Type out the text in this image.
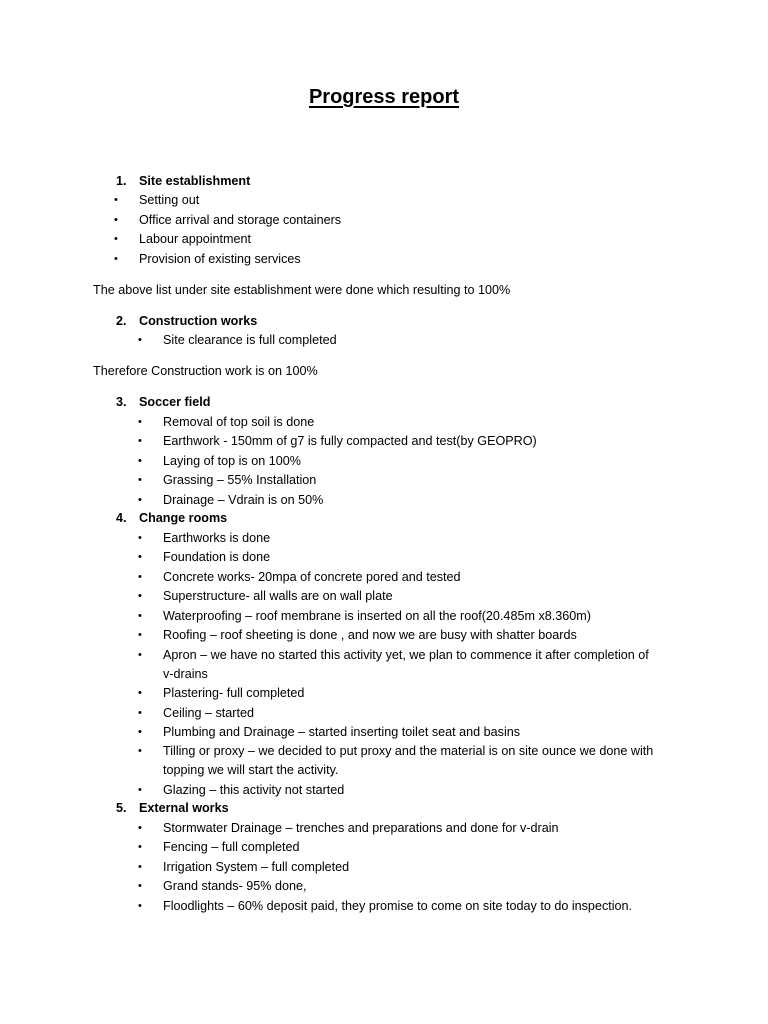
Progress report
1. Site establishment
• Setting out
• Office arrival and storage containers
• Labour appointment
• Provision of existing services
The above list under site establishment were done which resulting to 100%
2. Construction works
• Site clearance is full completed
Therefore Construction work is on 100%
3. Soccer field
• Removal of top soil is done
• Earthwork - 150mm of g7 is fully compacted and test(by GEOPRO)
• Laying of top is on 100%
• Grassing – 55% Installation
• Drainage – Vdrain is on 50%
4. Change rooms
• Earthworks is done
• Foundation is done
• Concrete works- 20mpa of concrete pored and tested
• Superstructure- all walls are on wall plate
• Waterproofing – roof membrane is inserted on all the roof(20.485m x8.360m)
• Roofing – roof sheeting is done , and now we are busy with shatter boards
• Apron – we have no started this activity yet, we plan to commence it after completion of
v-drains
• Plastering- full completed
• Ceiling – started
• Plumbing and Drainage – started inserting toilet seat and basins
• Tilling or proxy – we decided to put proxy and the material is on site ounce we done with
topping we will start the activity.
• Glazing – this activity not started
5. External works
• Stormwater Drainage – trenches and preparations and done for v-drain
• Fencing – full completed
• Irrigation System – full completed
• Grand stands- 95% done,
• Floodlights – 60% deposit paid, they promise to come on site today to do inspection.
